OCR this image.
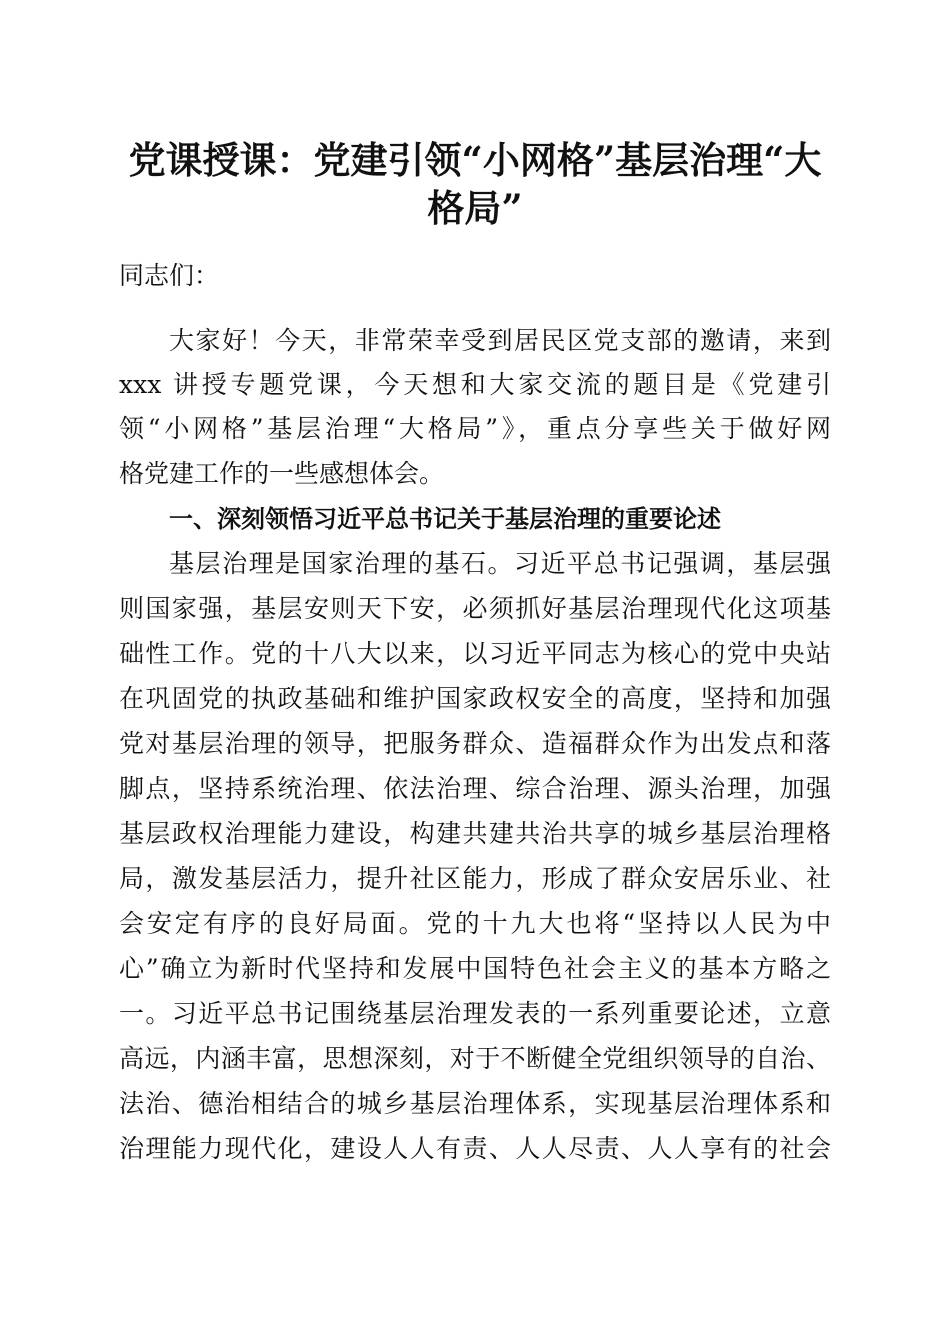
党课授课：党建引领“小网格”基层治理“大
格局”
同志们：
大家好！今天，非常荣幸受到居民区党支部的邀请，来到
xxx 讲授专题党课，今天想和大家交流的题目是《党建引
领“小网格”基层治理“大格局”》，重点分享些关于做好网
格党建工作的一些感想体会。
一、深刻领悟习近平总书记关于基层治理的重要论述
基层治理是国家治理的基石。习近平总书记强调，基层强
则国家强，基层安则天下安，必须抓好基层治理现代化这项基
础性工作。党的十八大以来，以习近平同志为核心的党中央站
在巩固党的执政基础和维护国家政权安全的高度，坚持和加强
党对基层治理的领导，把服务群众、造福群众作为出发点和落
脚点，坚持系统治理、依法治理、综合治理、源头治理，加强
基层政权治理能力建设，构建共建共治共享的城乡基层治理格
局，激发基层活力，提升社区能力，形成了群众安居乐业、社
会安定有序的良好局面。党的十九大也将“坚持以人民为中
心”确立为新时代坚持和发展中国特色社会主义的基本方略之
一。习近平总书记围绕基层治理发表的一系列重要论述，立意
高远，内涵丰富，思想深刻，对于不断健全党组织领导的自治、
法治、德治相结合的城乡基层治理体系，实现基层治理体系和
治理能力现代化，建设人人有责、人人尽责、人人享有的社会
